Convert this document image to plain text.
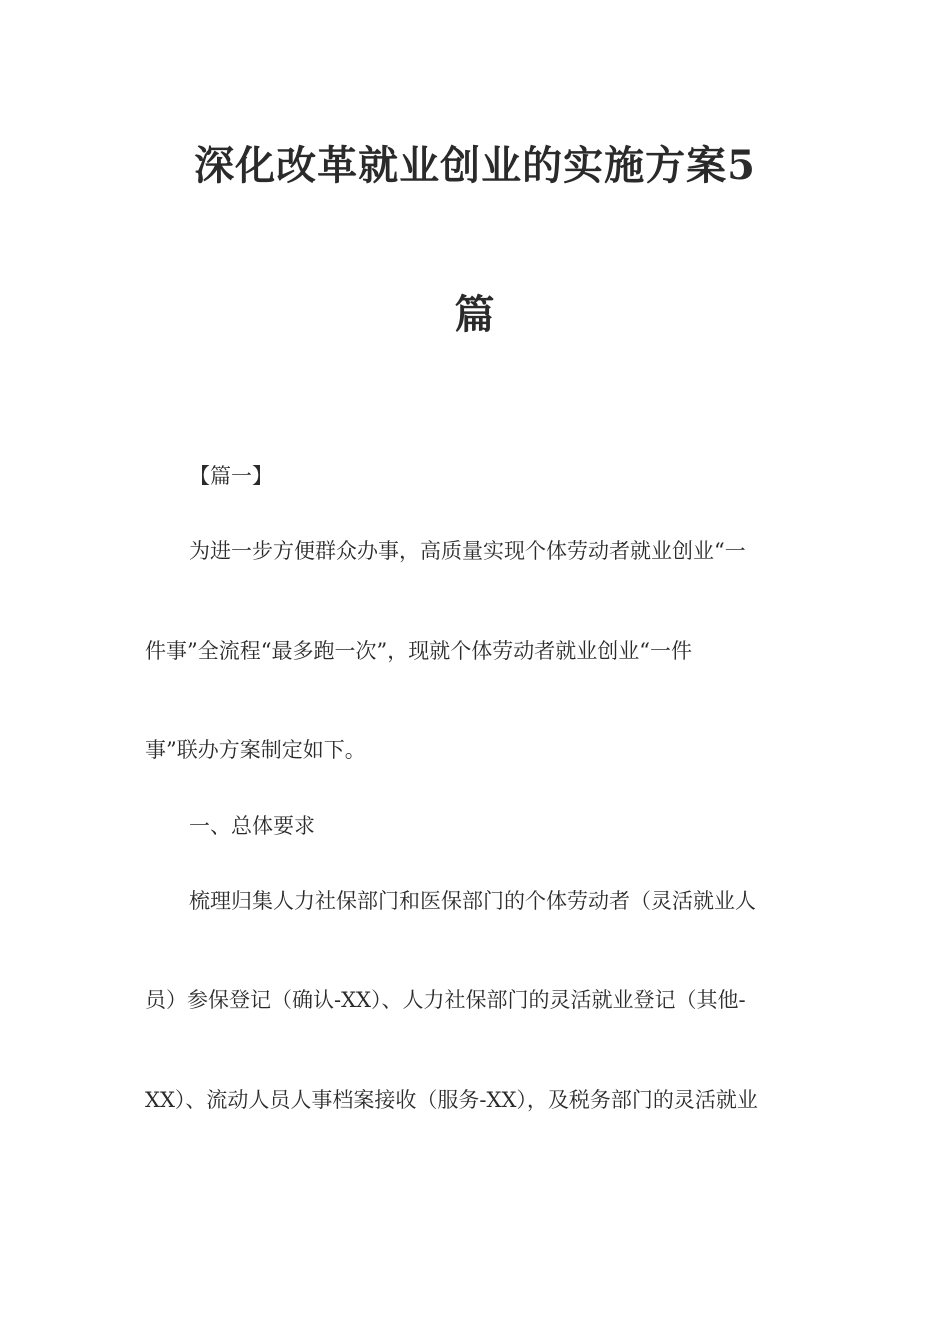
深化改革就业创业的实施方案5
篇
【篇一】
为进一步方便群众办事，高质量实现个体劳动者就业创业“一
件事”全流程“最多跑一次”，现就个体劳动者就业创业“一件
事”联办方案制定如下。
一、总体要求
梳理归集人力社保部门和医保部门的个体劳动者（灵活就业人
员）参保登记（确认-XX）、人力社保部门的灵活就业登记（其他-
XX）、流动人员人事档案接收（服务-XX），及税务部门的灵活就业
